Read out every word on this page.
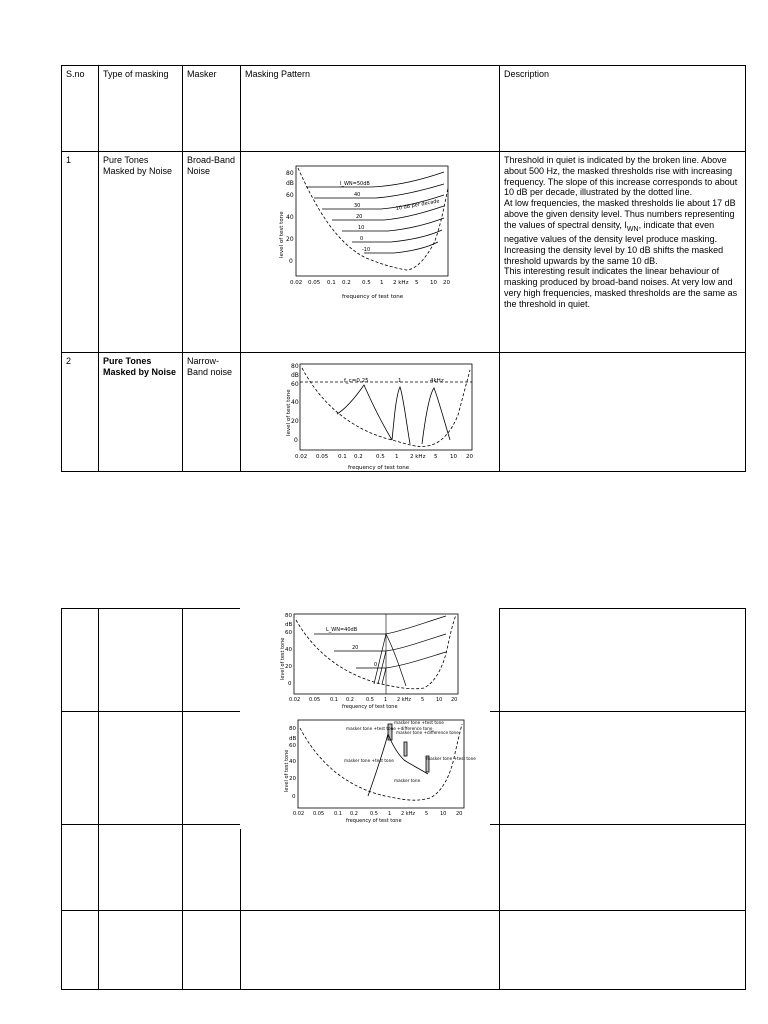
S.no	Type of masking	Masker	Masking Pattern	Description
1	Pure Tones Masked by Noise	Broad-Band Noise		Threshold in quiet is indicated by the broken line. Above about 500 Hz, the masked thresholds rise with increasing frequency. The slope of this increase corresponds to about 10 dB per decade, illustrated by the dotted line.

At low frequencies, the masked thresholds lie about 17 dB above the given density level. Thus numbers representing the values of spectral density, $I_{WN}$, indicate that even negative values of the density level produce masking. Increasing the density level by 10 dB shifts the masked threshold upwards by the same 10 dB.

This interesting result indicates the linear behaviour of masking produced by broad-band noises. At very low and very high frequencies, masked thresholds are the same as the threshold in quiet.

2	Pure Tones Masked by Noise	Narrow-Band noise		

level of test tone
frequency of test tone
dB
80
60
40
20
0
0.02 0.05 0.1 0.2 0.5 1 2 kHz 5 10 20
I_WN=50dB
40
30
20
10
0
-10
10 dB per decade
level of test tone
frequency of test tone
dB
80
60
40
20
0
0.02 0.05 0.1 0.2 0.5 1 2 kHz 5 10 20
f_c=0.25	1	4kHz
level of test tone
frequency of test tone
dB
80
60
40
20
0
0.02 0.05 0.1 0.2 0.5 1 2 kHz 5 10 20
L_WN=40dB
20
0
level of test tone
frequency of test tone
dB
80
60
40
20
0
0.02 0.05 0.1 0.2 0.5 1 2 kHz 5 10 20
masker tone +test tone +difference tone
masker tone +test tone
masker tone +difference tone
masker tone +test tone
masker tone
masker tone +test tone
